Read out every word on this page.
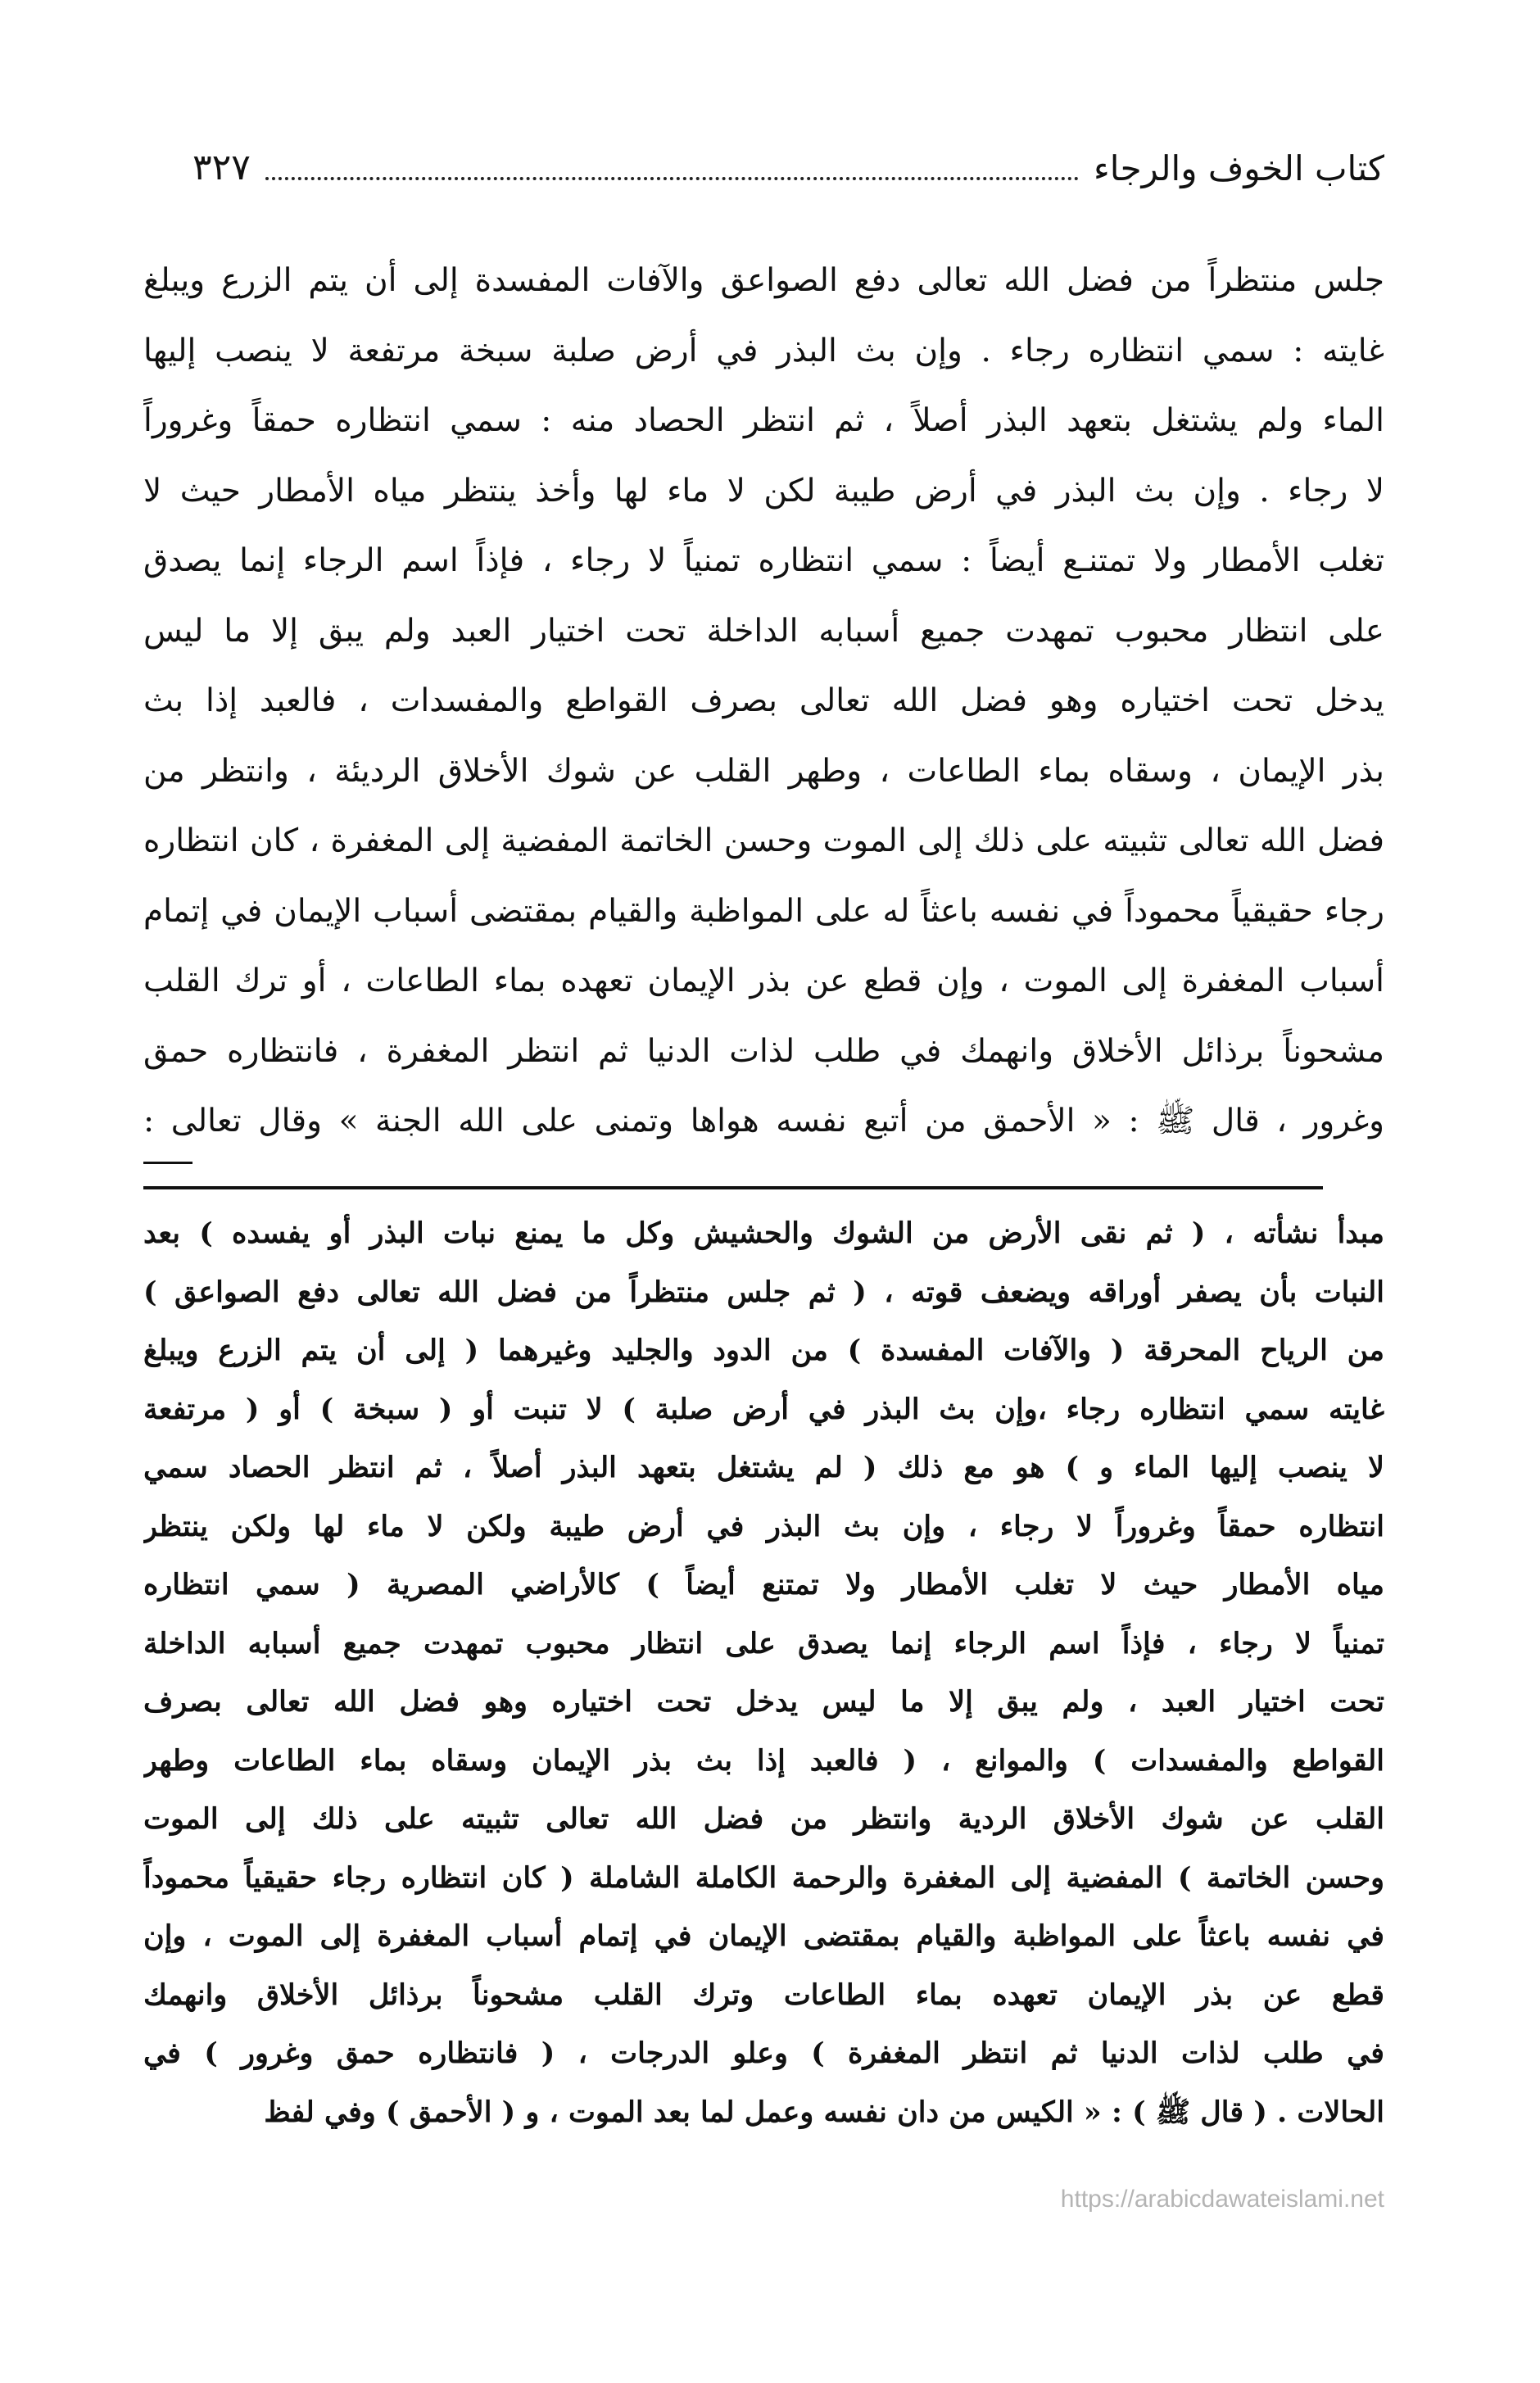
كتاب الخوف والرجاء
٣٢٧

جلس منتظراً من فضل الله تعالى دفع الصواعق والآفات المفسدة إلى أن يتم الزرع ويبلغ

غايته : سمي انتظاره رجاء . وإن بث البذر في أرض صلبة سبخة مرتفعة لا ينصب إليها

الماء ولم يشتغل بتعهد البذر أصلاً ، ثم انتظر الحصاد منه : سمي انتظاره حمقاً وغروراً

لا رجاء . وإن بث البذر في أرض طيبة لكن لا ماء لها وأخذ ينتظر مياه الأمطار حيث لا

تغلب الأمطار ولا تمتنـع أيضاً : سمي انتظاره تمنياً لا رجاء ، فإذاً اسم الرجاء إنما يصدق

على انتظار محبوب تمهدت جميع أسبابه الداخلة تحت اختيار العبد ولم يبق إلا ما ليس

يدخل تحت اختياره وهو فضل الله تعالى بصرف القواطع والمفسدات ، فالعبد إذا بث

بذر الإيمان ، وسقاه بماء الطاعات ، وطهر القلب عن شوك الأخلاق الرديئة ، وانتظر من

فضل الله تعالى تثبيته على ذلك إلى الموت وحسن الخاتمة المفضية إلى المغفرة ، كان انتظاره

رجاء حقيقياً محموداً في نفسه باعثاً له على المواظبة والقيام بمقتضى أسباب الإيمان في إتمام

أسباب المغفرة إلى الموت ، وإن قطع عن بذر الإيمان تعهده بماء الطاعات ، أو ترك القلب

مشحوناً برذائل الأخلاق وانهمك في طلب لذات الدنيا ثم انتظر المغفرة ، فانتظاره حمق

وغرور ، قال ﷺ : « الأحمق من أتبع نفسه هواها وتمنى على الله الجنة » وقال تعالى :

مبدأ نشأته ، ( ثم نقى الأرض من الشوك والحشيش وكل ما يمنع نبات البذر أو يفسده ) بعد

النبات بأن يصفر أوراقه ويضعف قوته ، ( ثم جلس منتظراً من فضل الله تعالى دفع الصواعق )

من الرياح المحرقة ( والآفات المفسدة ) من الدود والجليد وغيرهما ( إلى أن يتم الزرع ويبلغ

غايته سمي انتظاره رجاء ،وإن بث البذر في أرض صلبة ) لا تنبت أو ( سبخة ) أو ( مرتفعة

لا ينصب إليها الماء و ) هو مع ذلك ( لم يشتغل بتعهد البذر أصلاً ، ثم انتظر الحصاد سمي

انتظاره حمقاً وغروراً لا رجاء ، وإن بث البذر في أرض طيبة ولكن لا ماء لها ولكن ينتظر

مياه الأمطار حيث لا تغلب الأمطار ولا تمتنع أيضاً ) كالأراضي المصرية ( سمي انتظاره

تمنياً لا رجاء ، فإذاً اسم الرجاء إنما يصدق على انتظار محبوب تمهدت جميع أسبابه الداخلة

تحت اختيار العبد ، ولم يبق إلا ما ليس يدخل تحت اختياره وهو فضل الله تعالى بصرف

القواطع والمفسدات ) والموانع ، ( فالعبد إذا بث بذر الإيمان وسقاه بماء الطاعات وطهر

القلب عن شوك الأخلاق الردية وانتظر من فضل الله تعالى تثبيته على ذلك إلى الموت

وحسن الخاتمة ) المفضية إلى المغفرة والرحمة الكاملة الشاملة ( كان انتظاره رجاء حقيقياً محموداً

في نفسه باعثاً على المواظبة والقيام بمقتضى الإيمان في إتمام أسباب المغفرة إلى الموت ، وإن

قطع عن بذر الإيمان تعهده بماء الطاعات وترك القلب مشحوناً برذائل الأخلاق وانهمك

في طلب لذات الدنيا ثم انتظر المغفرة ) وعلو الدرجات ، ( فانتظاره حمق وغرور ) في

الحالات . ( قال ﷺ ) : « الكيس من دان نفسه وعمل لما بعد الموت ، و ( الأحمق ) وفي لفظ

https://arabicdawateislami.net
